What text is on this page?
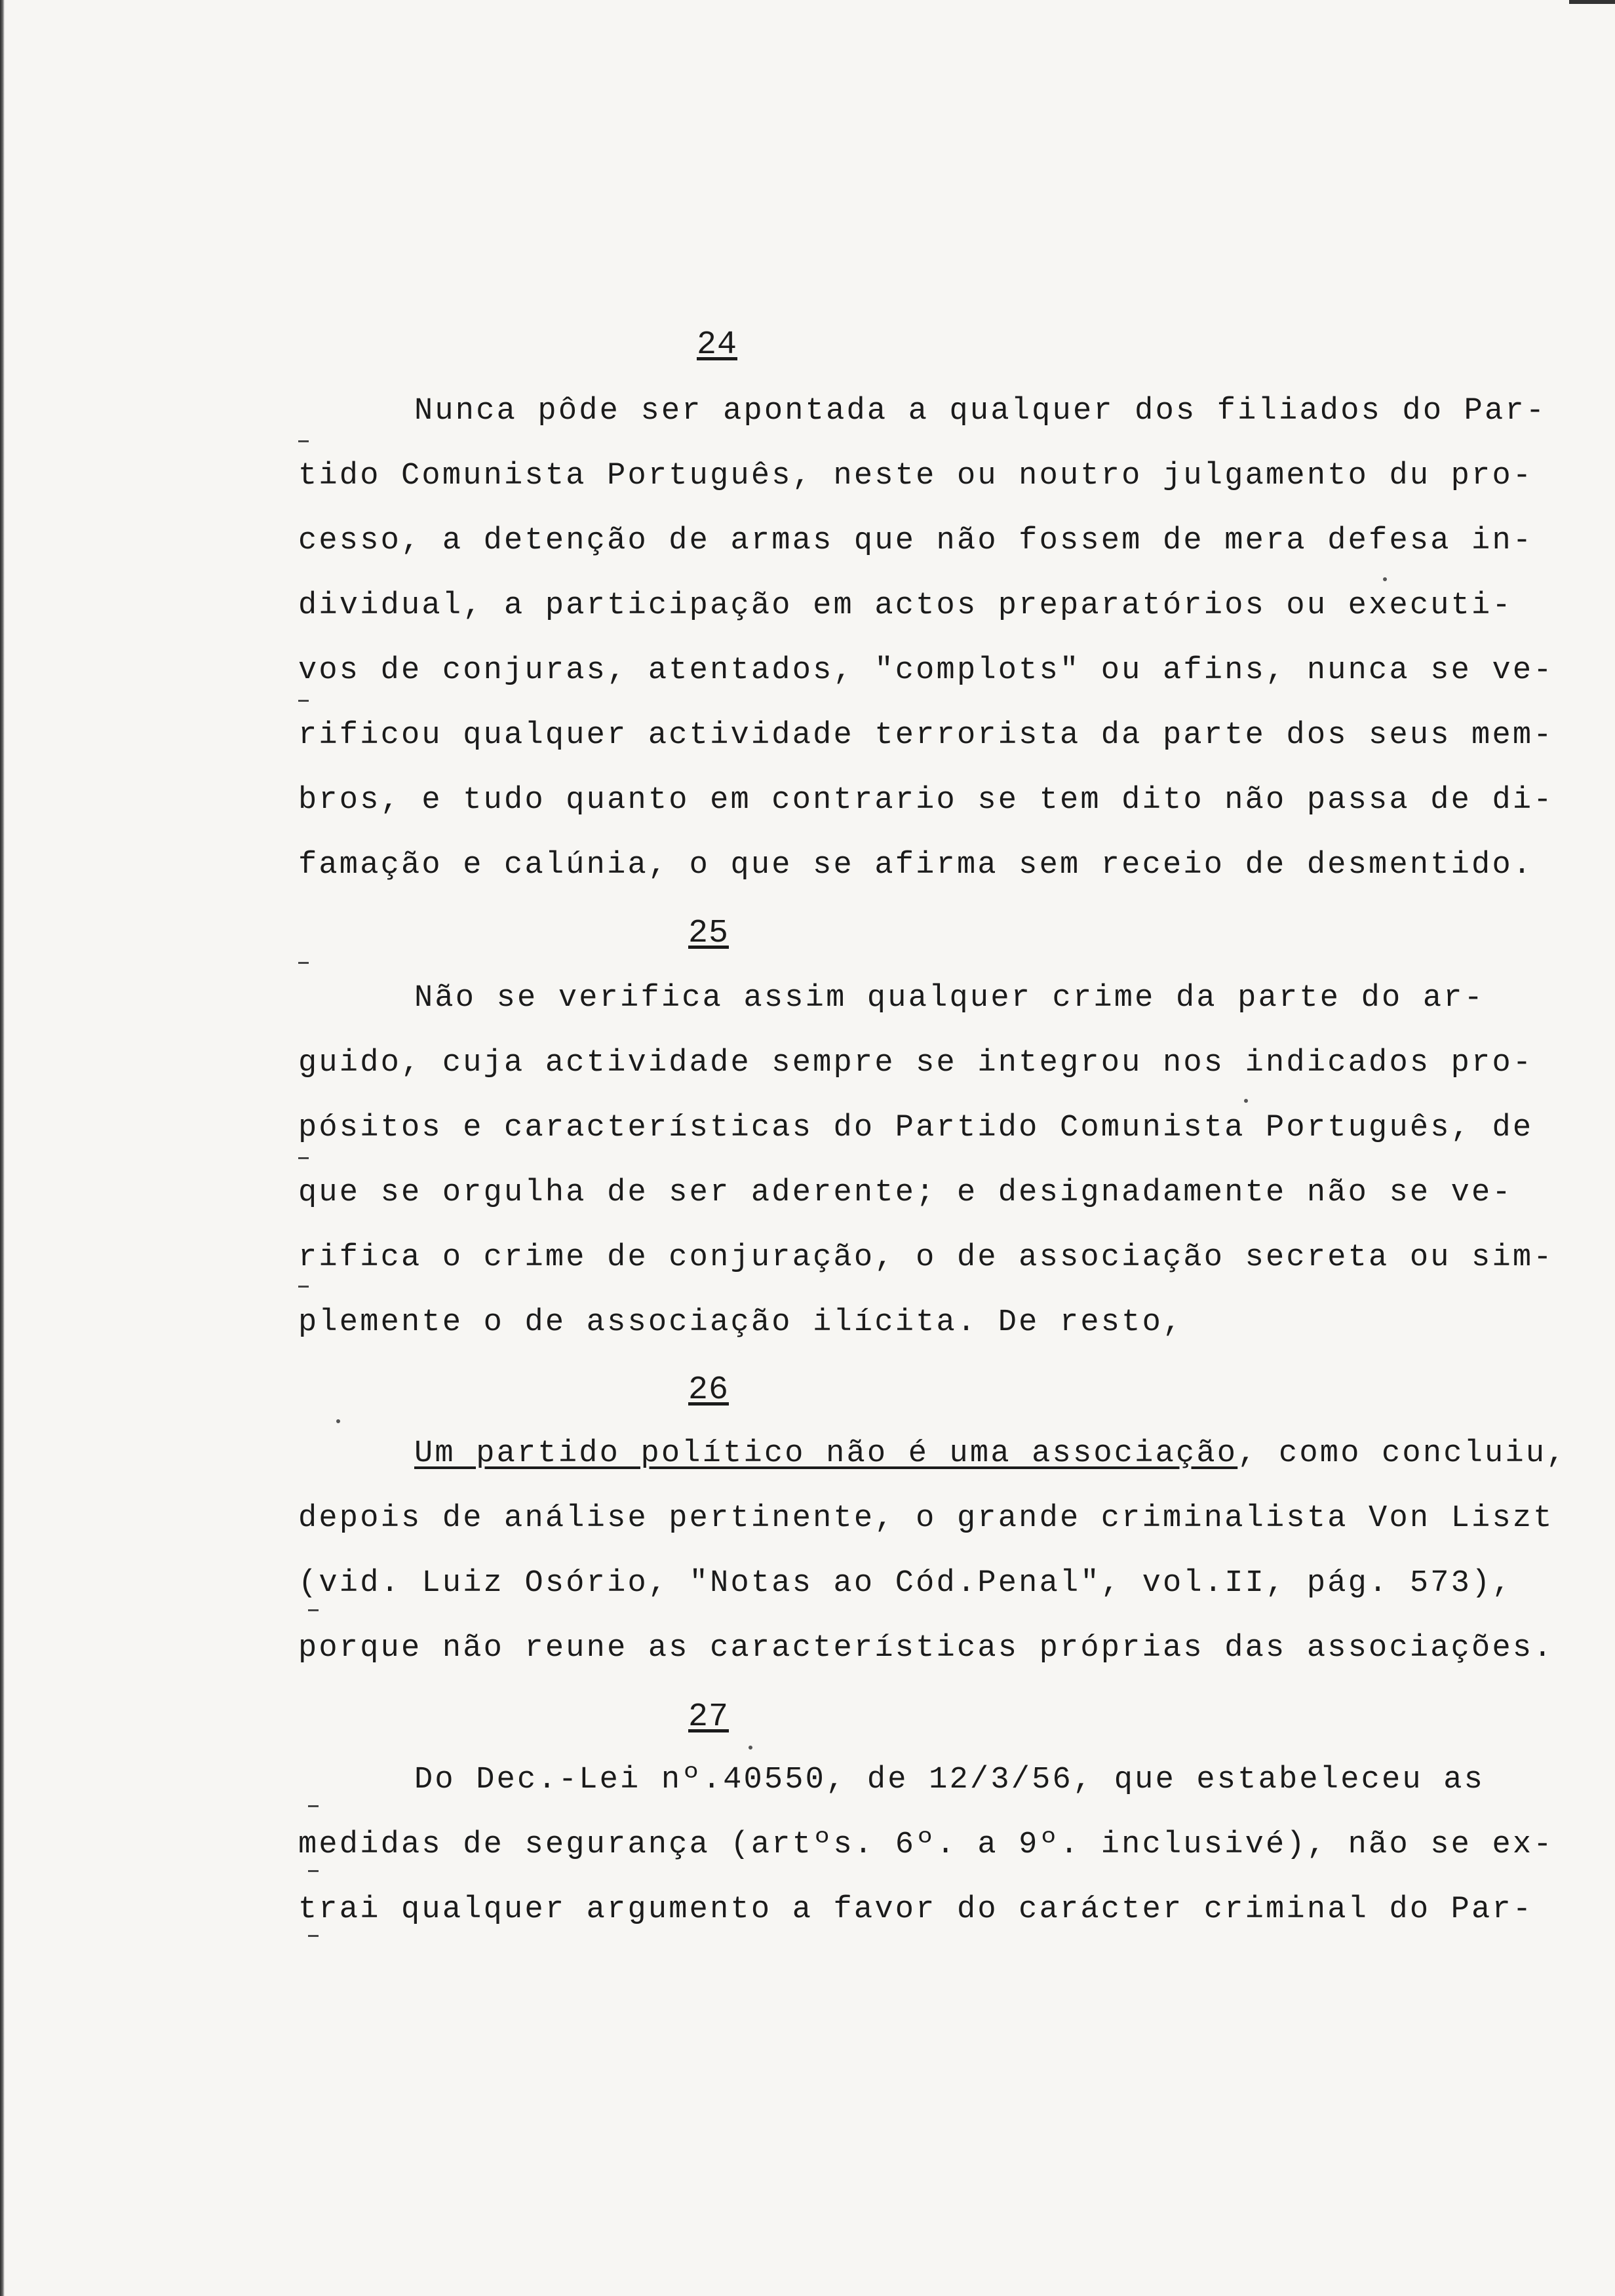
24
Nunca pôde ser apontada a qualquer dos filiados do Par-
tido Comunista Português, neste ou noutro julgamento du pro-
cesso, a detenção de armas que não fossem de mera defesa in-
dividual, a participação em actos preparatórios ou executi-
vos de conjuras, atentados, "complots" ou afins, nunca se ve-
rificou qualquer actividade terrorista da parte dos seus mem-
bros, e tudo quanto em contrario se tem dito não passa de di-
famação e calúnia, o que se afirma sem receio de desmentido.
25
Não se verifica assim qualquer crime da parte do ar-
guido, cuja actividade sempre se integrou nos indicados pro-
pósitos e características do Partido Comunista Português, de
que se orgulha de ser aderente; e designadamente não se ve-
rifica o crime de conjuração, o de associação secreta ou sim-
plemente o de associação ilícita. De resto,
26
Um partido político não é uma associação, como concluiu,
depois de análise pertinente, o grande criminalista Von Liszt
(vid. Luiz Osório, "Notas ao Cód.Penal", vol.II, pág. 573),
porque não reune as características próprias das associações.
27
Do Dec.-Lei nº.40550, de 12/3/56, que estabeleceu as
medidas de segurança (artºs. 6º. a 9º. inclusivé), não se ex-
trai qualquer argumento a favor do carácter criminal do Par-
